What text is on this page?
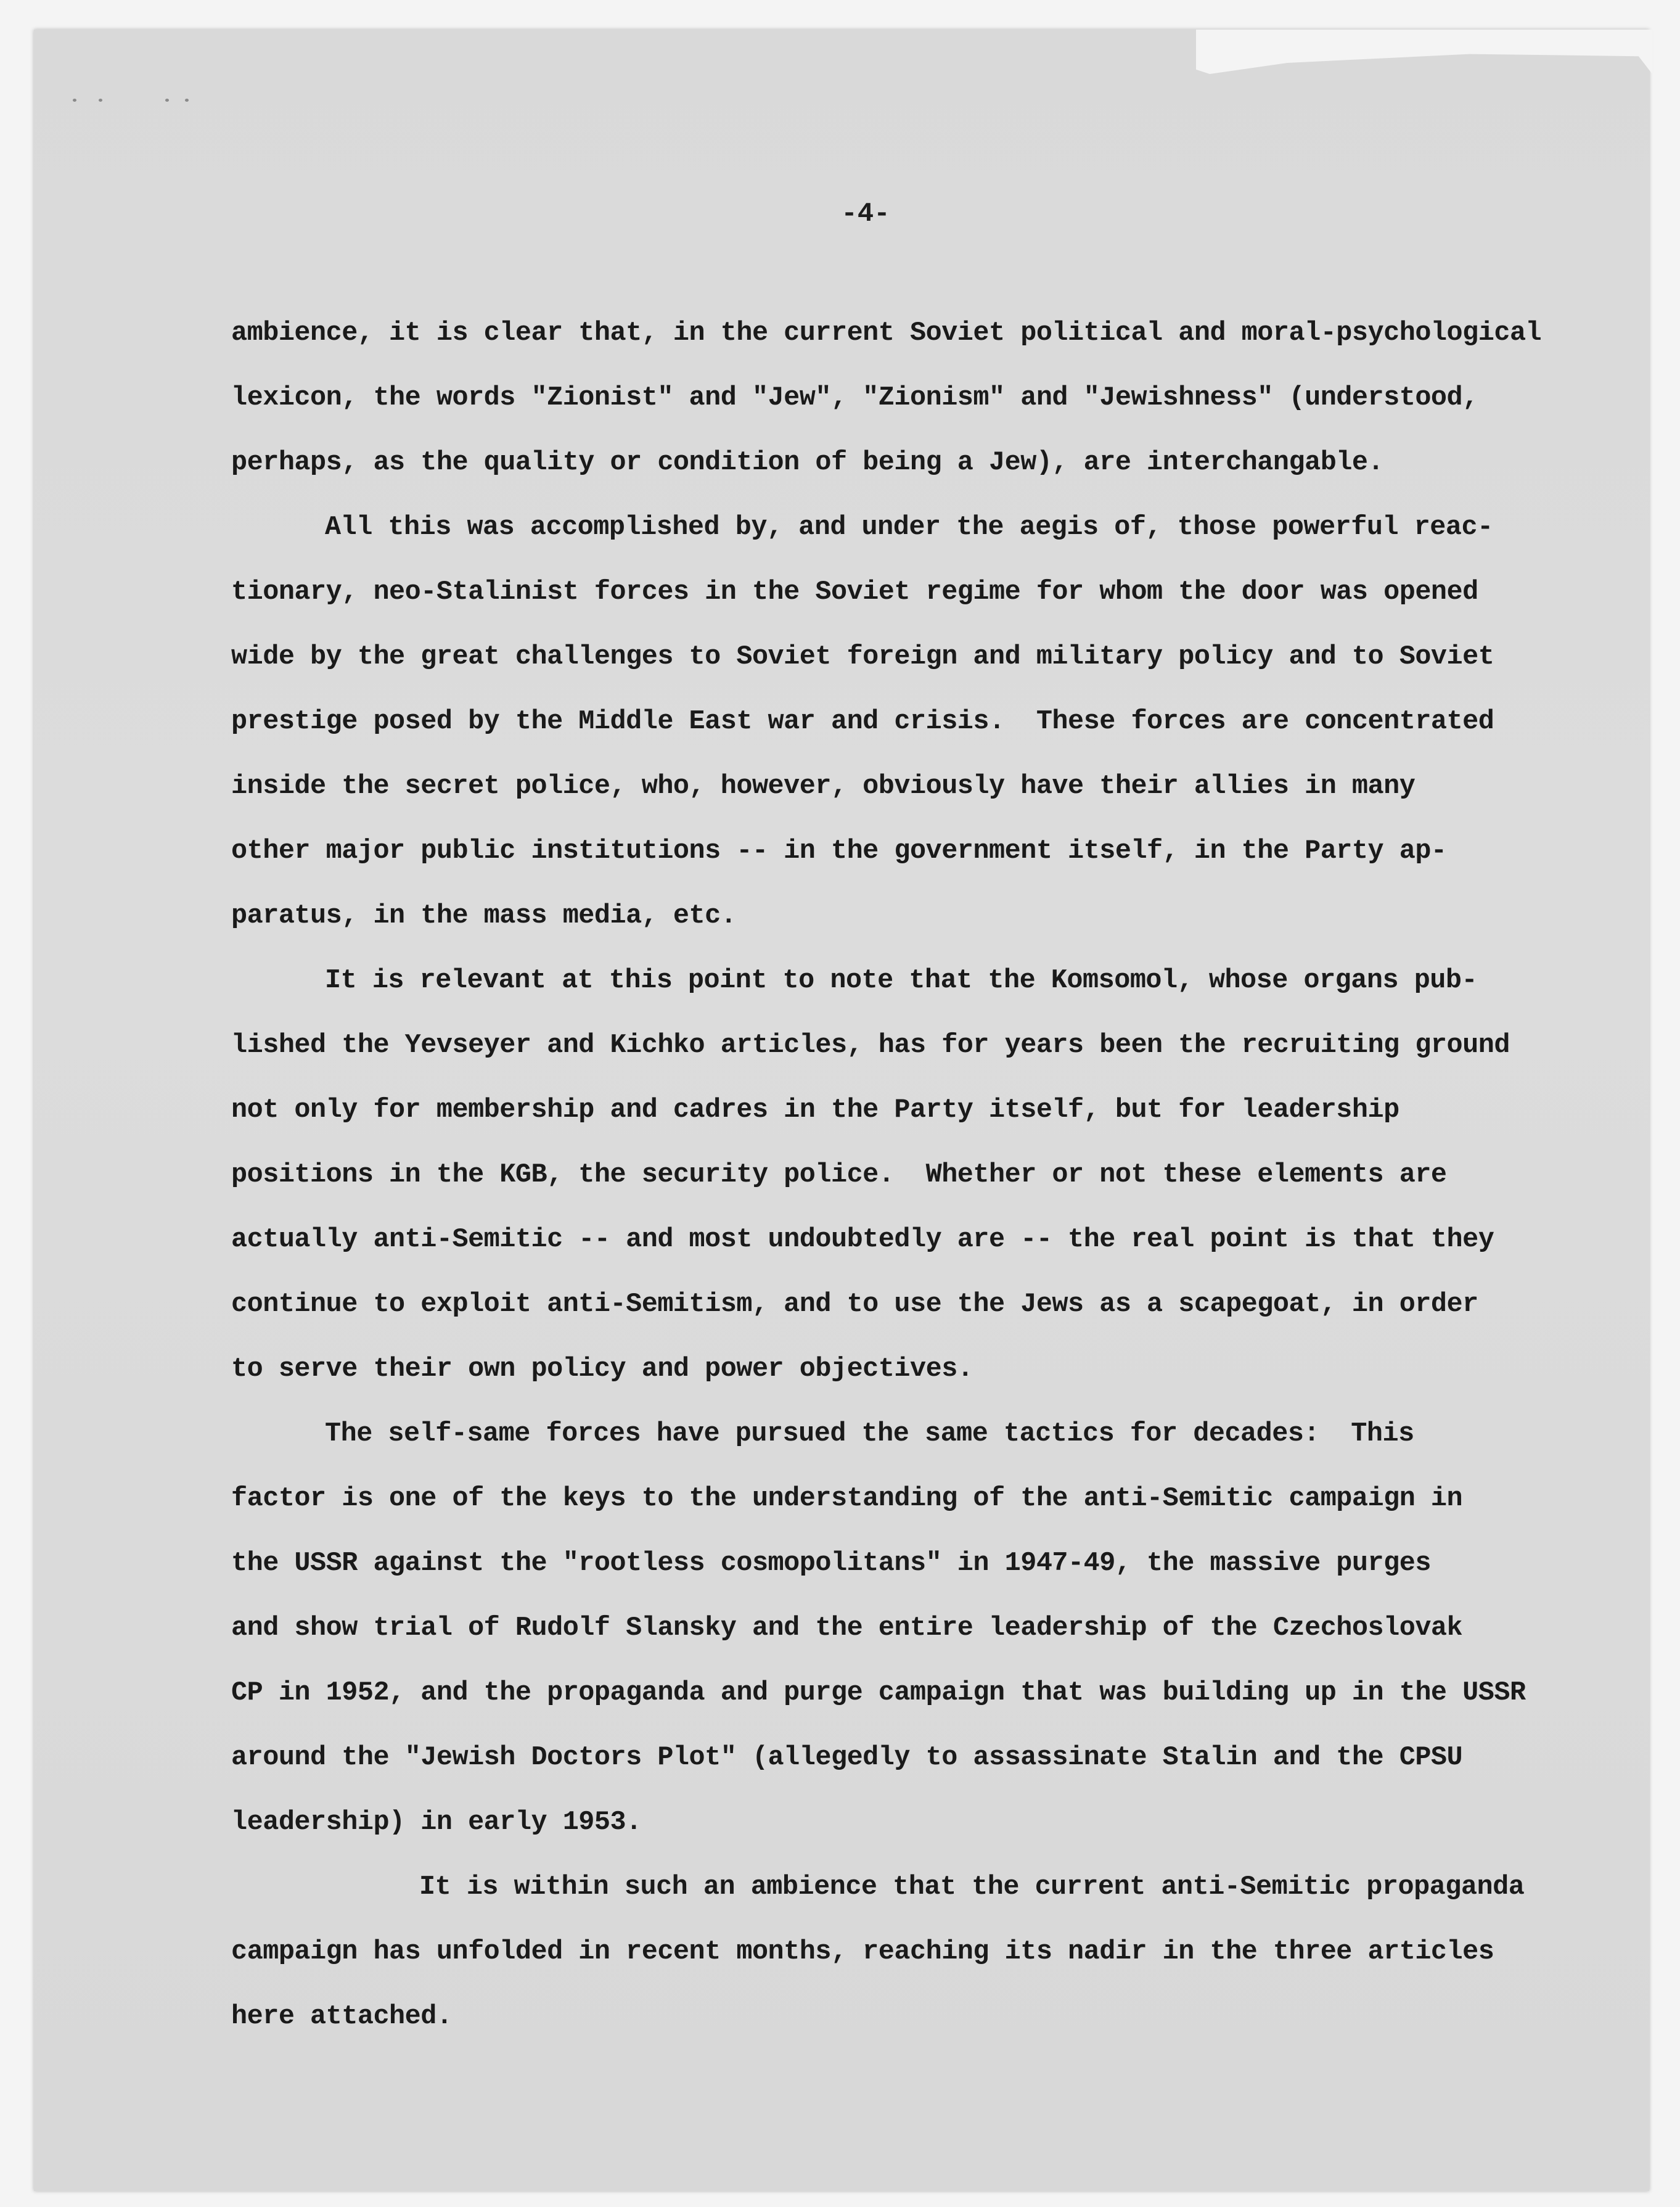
-4-
ambience, it is clear that, in the current Soviet political and moral-psychological
lexicon, the words "Zionist" and "Jew", "Zionism" and "Jewishness" (understood,
perhaps, as the quality or condition of being a Jew), are interchangable.
All this was accomplished by, and under the aegis of, those powerful reac-
tionary, neo-Stalinist forces in the Soviet regime for whom the door was opened
wide by the great challenges to Soviet foreign and military policy and to Soviet
prestige posed by the Middle East war and crisis.  These forces are concentrated
inside the secret police, who, however, obviously have their allies in many
other major public institutions -- in the government itself, in the Party ap-
paratus, in the mass media, etc.
It is relevant at this point to note that the Komsomol, whose organs pub-
lished the Yevseyer and Kichko articles, has for years been the recruiting ground
not only for membership and cadres in the Party itself, but for leadership
positions in the KGB, the security police.  Whether or not these elements are
actually anti-Semitic -- and most undoubtedly are -- the real point is that they
continue to exploit anti-Semitism, and to use the Jews as a scapegoat, in order
to serve their own policy and power objectives.
The self-same forces have pursued the same tactics for decades:  This
factor is one of the keys to the understanding of the anti-Semitic campaign in
the USSR against the "rootless cosmopolitans" in 1947-49, the massive purges
and show trial of Rudolf Slansky and the entire leadership of the Czechoslovak
CP in 1952, and the propaganda and purge campaign that was building up in the USSR
around the "Jewish Doctors Plot" (allegedly to assassinate Stalin and the CPSU
leadership) in early 1953.
It is within such an ambience that the current anti-Semitic propaganda
campaign has unfolded in recent months, reaching its nadir in the three articles
here attached.
